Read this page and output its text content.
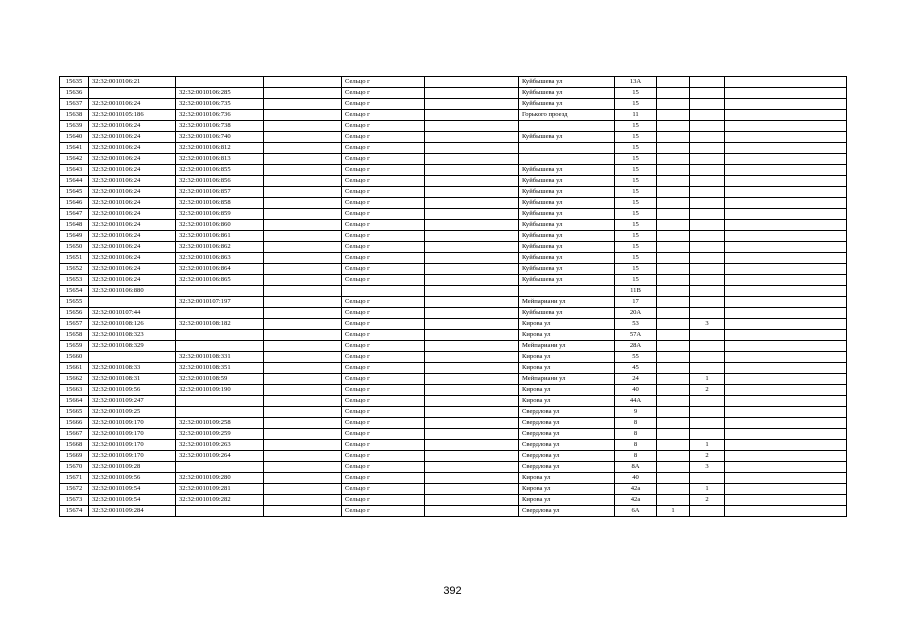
15635	32:32:0010106:21			Сельцо г		Куйбышева ул	13А			
15636		32:32:0010106:285		Сельцо г		Куйбышева ул	15			
15637	32:32:0010106:24	32:32:0010106:735		Сельцо г		Куйбышева ул	15			
15638	32:32:0010105:186	32:32:0010106:736		Сельцо г		Горького проезд	11			
15639	32:32:0010106:24	32:32:0010106:738		Сельцо г			15			
15640	32:32:0010106:24	32:32:0010106:740		Сельцо г		Куйбышева ул	15			
15641	32:32:0010106:24	32:32:0010106:812		Сельцо г			15			
15642	32:32:0010106:24	32:32:0010106:813		Сельцо г			15			
15643	32:32:0010106:24	32:32:0010106:855		Сельцо г		Куйбышева ул	15			
15644	32:32:0010106:24	32:32:0010106:856		Сельцо г		Куйбышева ул	15			
15645	32:32:0010106:24	32:32:0010106:857		Сельцо г		Куйбышева ул	15			
15646	32:32:0010106:24	32:32:0010106:858		Сельцо г		Куйбышева ул	15			
15647	32:32:0010106:24	32:32:0010106:859		Сельцо г		Куйбышева ул	15			
15648	32:32:0010106:24	32:32:0010106:860		Сельцо г		Куйбышева ул	15			
15649	32:32:0010106:24	32:32:0010106:861		Сельцо г		Куйбышева ул	15			
15650	32:32:0010106:24	32:32:0010106:862		Сельцо г		Куйбышева ул	15			
15651	32:32:0010106:24	32:32:0010106:863		Сельцо г		Куйбышева ул	15			
15652	32:32:0010106:24	32:32:0010106:864		Сельцо г		Куйбышева ул	15			
15653	32:32:0010106:24	32:32:0010106:865		Сельцо г		Куйбышева ул	15			
15654	32:32:0010106:880						11В			
15655		32:32:0010107:197		Сельцо г		Мейпариани ул	17			
15656	32:32:0010107:44			Сельцо г		Куйбышева ул	20А			
15657	32:32:0010108:126	32:32:0010108:182		Сельцо г		Кирова ул	53		3	
15658	32:32:0010108:323			Сельцо г		Кирова ул	57А			
15659	32:32:0010108:329			Сельцо г		Мейпариани ул	28А			
15660		32:32:0010108:331		Сельцо г		Кирова ул	55			
15661	32:32:0010108:33	32:32:0010108:351		Сельцо г		Кирова ул	45			
15662	32:32:0010108:31	32:32:0010108:59		Сельцо г		Мейпариани ул	24		1	
15663	32:32:0010109:56	32:32:0010109:190		Сельцо г		Кирова ул	40		2	
15664	32:32:0010109:247			Сельцо г		Кирова ул	44А			
15665	32:32:0010109:25			Сельцо г		Свердлова ул	9			
15666	32:32:0010109:170	32:32:0010109:258		Сельцо г		Свердлова ул	8			
15667	32:32:0010109:170	32:32:0010109:259		Сельцо г		Свердлова ул	8			
15668	32:32:0010109:170	32:32:0010109:263		Сельцо г		Свердлова ул	8		1	
15669	32:32:0010109:170	32:32:0010109:264		Сельцо г		Свердлова ул	8		2	
15670	32:32:0010109:28			Сельцо г		Свердлова ул	8А		3	
15671	32:32:0010109:56	32:32:0010109:280		Сельцо г		Кирова ул	40			
15672	32:32:0010109:54	32:32:0010109:281		Сельцо г		Кирова ул	42а		1	
15673	32:32:0010109:54	32:32:0010109:282		Сельцо г		Кирова ул	42а		2	
15674	32:32:0010109:284			Сельцо г		Свердлова ул	6А	1		
392
